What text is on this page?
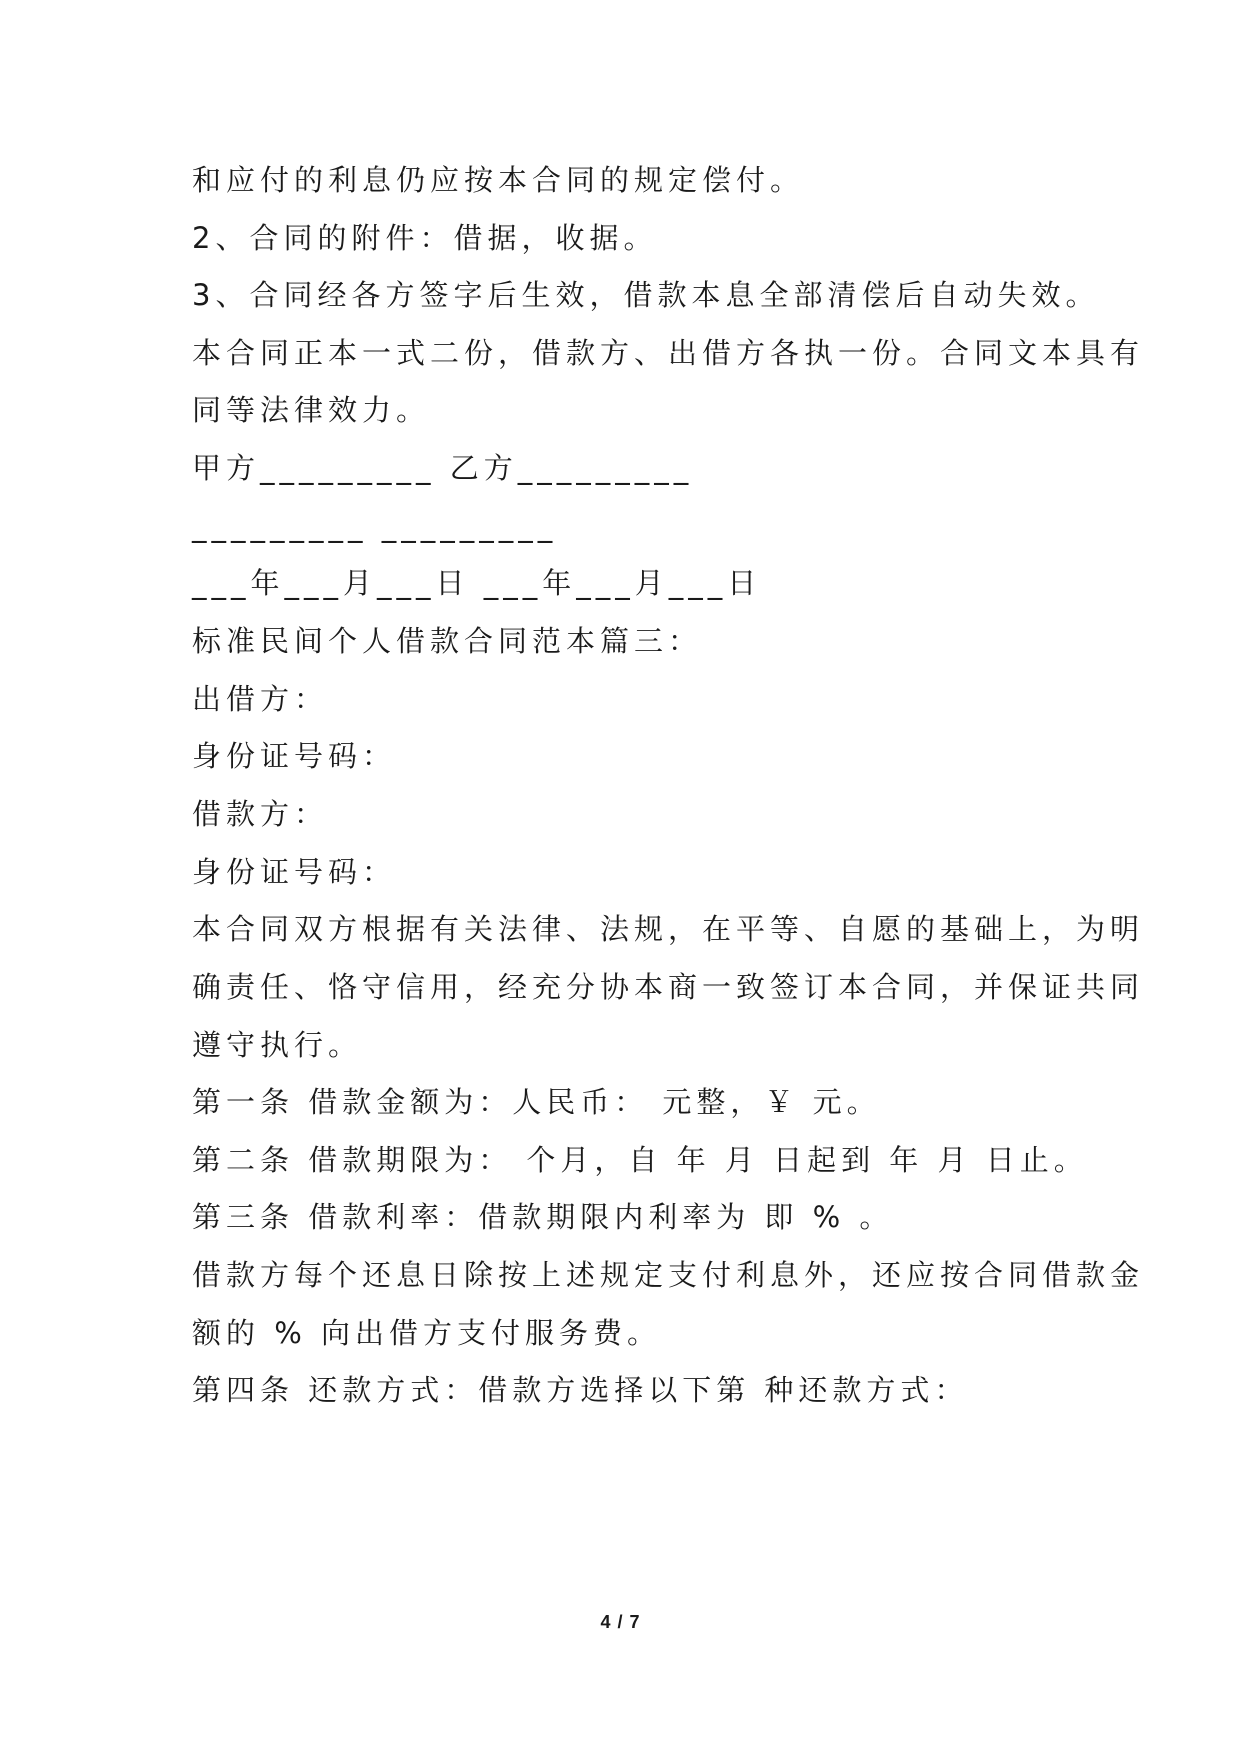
和应付的利息仍应按本合同的规定偿付。
2、合同的附件：借据，收据。
3、合同经各方签字后生效，借款本息全部清偿后自动失效。
本合同正本一式二份，借款方、出借方各执一份。合同文本具有
同等法律效力。
甲方_________ 乙方_________
_________ _________
___年___月___日 ___年___月___日
标准民间个人借款合同范本篇三：
出借方：
身份证号码：
借款方：
身份证号码：
本合同双方根据有关法律、法规，在平等、自愿的基础上，为明
确责任、恪守信用，经充分协本商一致签订本合同，并保证共同
遵守执行。
第一条 借款金额为：人民币： 元整，￥ 元。
第二条 借款期限为： 个月，自 年 月 日起到 年 月 日止。
第三条 借款利率：借款期限内利率为 即 % 。
借款方每个还息日除按上述规定支付利息外，还应按合同借款金
额的 % 向出借方支付服务费。
第四条 还款方式：借款方选择以下第 种还款方式：
4 / 7
